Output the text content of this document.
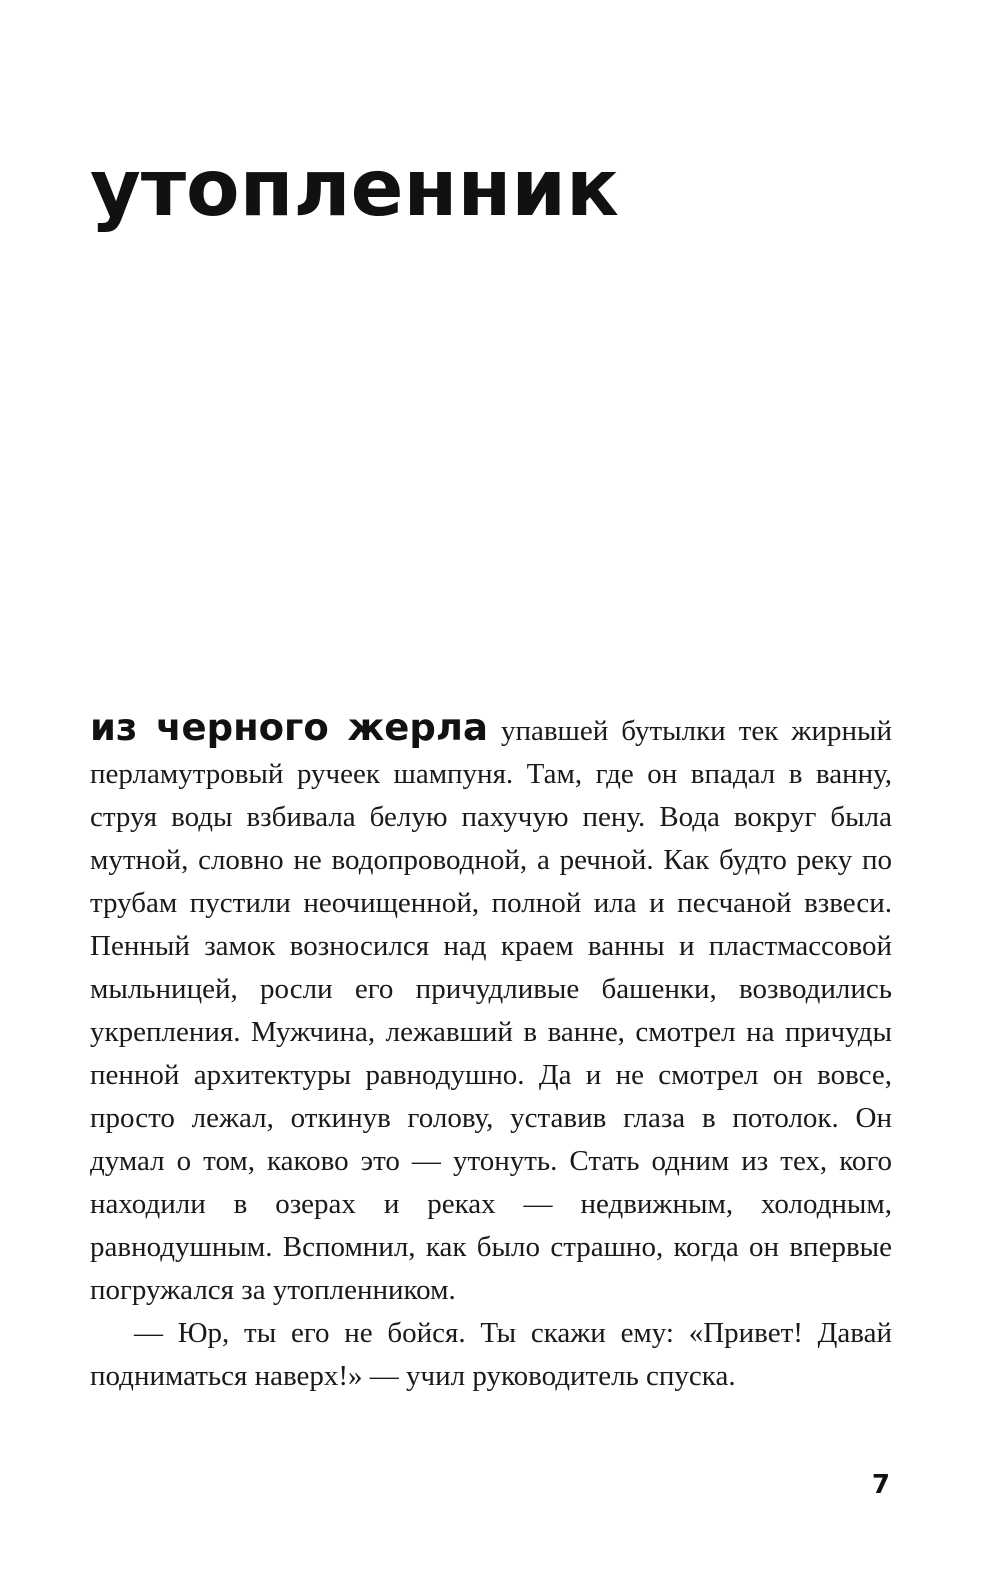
утопленник

из черного жерла упавшей бутылки тек жирный перламутровый ручеек шампуня. Там, где он впадал в ванну, струя воды взбивала белую пахучую пену. Вода вокруг была мутной, словно не водопроводной, а речной. Как будто реку по трубам пустили неочищенной, полной ила и песчаной взвеси. Пенный замок возносился над краем ванны и пластмассовой мыльницей, росли его причудливые башенки, возводились укрепления. Мужчина, лежавший в ванне, смотрел на причуды пенной архитектуры равнодушно. Да и не смотрел он вовсе, просто лежал, откинув голову, уставив глаза в потолок. Он думал о том, каково это — утонуть. Стать одним из тех, кого находили в озерах и реках — недвижным, холодным, равнодушным. Вспомнил, как было страшно, когда он впервые погружался за утопленником.

— Юр, ты его не бойся. Ты скажи ему: «Привет! Давай подниматься наверх!» — учил руководитель спуска.

7
